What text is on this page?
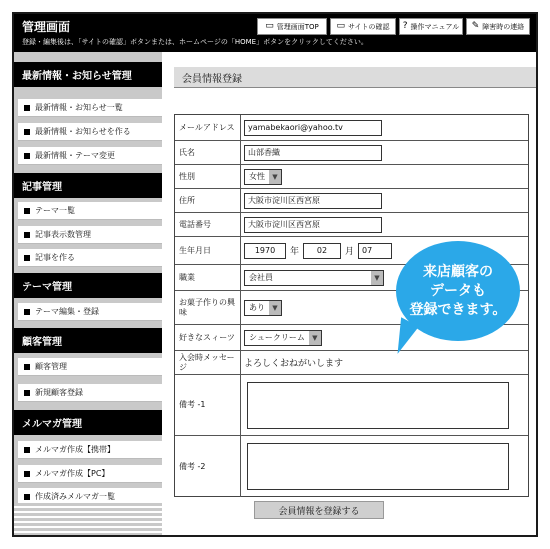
管理画面
登録・編集後は、「サイトの確認」ボタンまたは、ホームページの「HOME」ボタンをクリックしてください。
▭ 管理画面TOP ▭ サイトの確認 ? 操作マニュアル ✎ 障害時の連絡
最新情報・お知らせ管理
最新情報・お知らせ一覧
最新情報・お知らせを作る
最新情報・テーマ変更
記事管理
テーマ一覧
記事表示数管理
記事を作る
テーマ管理
テーマ編集・登録
顧客管理
顧客管理
新規顧客登録
メルマガ管理
メルマガ作成【携帯】
メルマガ作成【PC】
作成済みメルマガ一覧
会員情報登録
メールアドレス	yamabekaori@yahoo.tv
氏名	山部香織
性別	女性	▼
住所	大阪市淀川区西宮原
電話番号	大阪市淀川区西宮原
生年月日	1970	年	02	月	07
職業	会社員	▼
お菓子作りの興味	あり	▼
好きなスィーツ	シュークリーム	▼
入会時メッセージ	よろしくおねがいします
備考 -1
備考 -2
会員情報を登録する
来店顧客の
データも
登録できます。
